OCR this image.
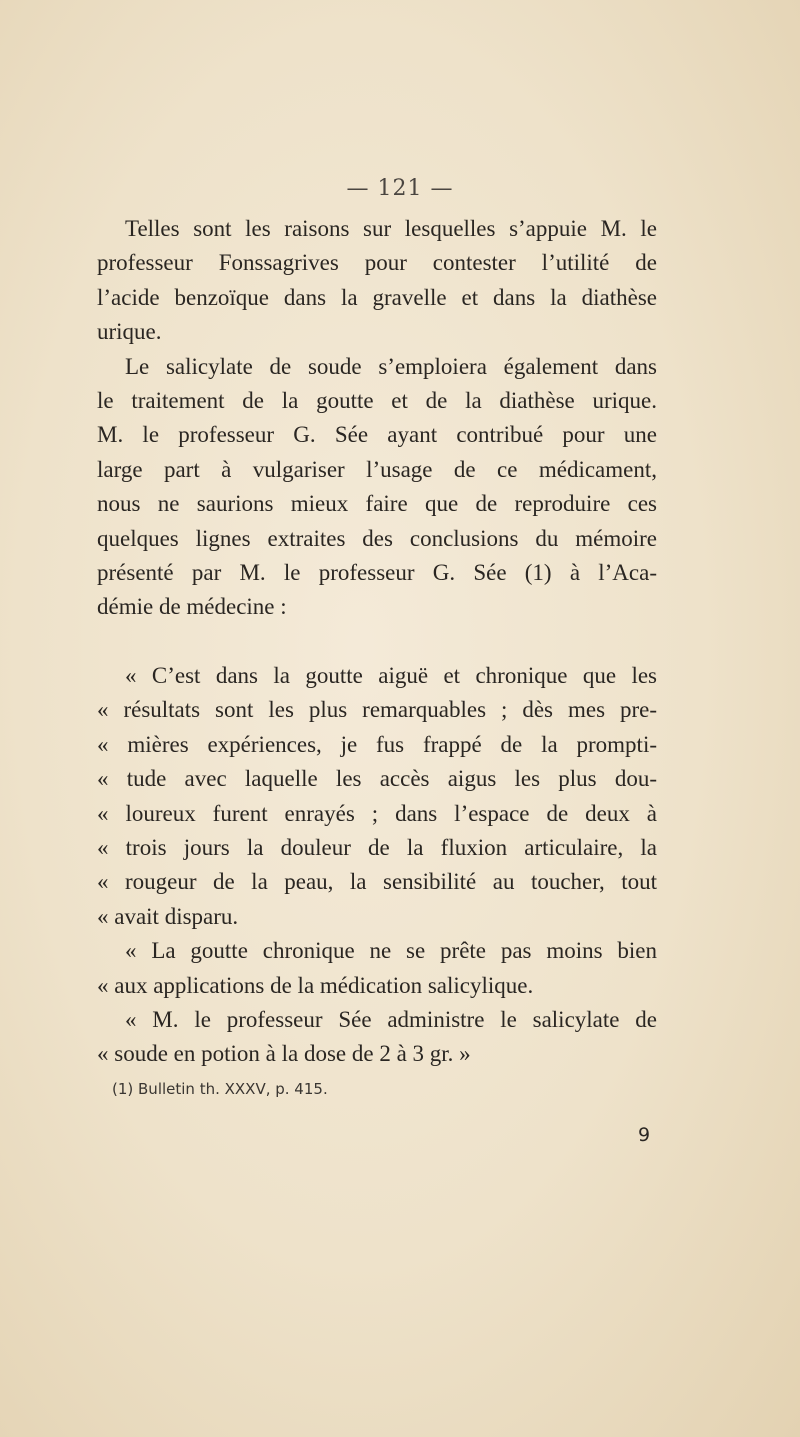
— 121 —
Telles sont les raisons sur lesquelles s’appuie M. le
professeur Fonssagrives pour contester l’utilité de
l’acide benzoïque dans la gravelle et dans la diathèse
urique.
Le salicylate de soude s’emploiera également dans
le traitement de la goutte et de la diathèse urique.
M. le professeur G. Sée ayant contribué pour une
large part à vulgariser l’usage de ce médicament,
nous ne saurions mieux faire que de reproduire ces
quelques lignes extraites des conclusions du mémoire
présenté par M. le professeur G. Sée (1) à l’Aca-
démie de médecine :
« C’est dans la goutte aiguë et chronique que les
« résultats sont les plus remarquables ; dès mes pre-
« mières expériences, je fus frappé de la prompti-
« tude avec laquelle les accès aigus les plus dou-
« loureux furent enrayés ; dans l’espace de deux à
« trois jours la douleur de la fluxion articulaire, la
« rougeur de la peau, la sensibilité au toucher, tout
« avait disparu.
« La goutte chronique ne se prête pas moins bien
« aux applications de la médication salicylique.
« M. le professeur Sée administre le salicylate de
« soude en potion à la dose de 2 à 3 gr. »
(1) Bulletin th. XXXV, p. 415.
9
